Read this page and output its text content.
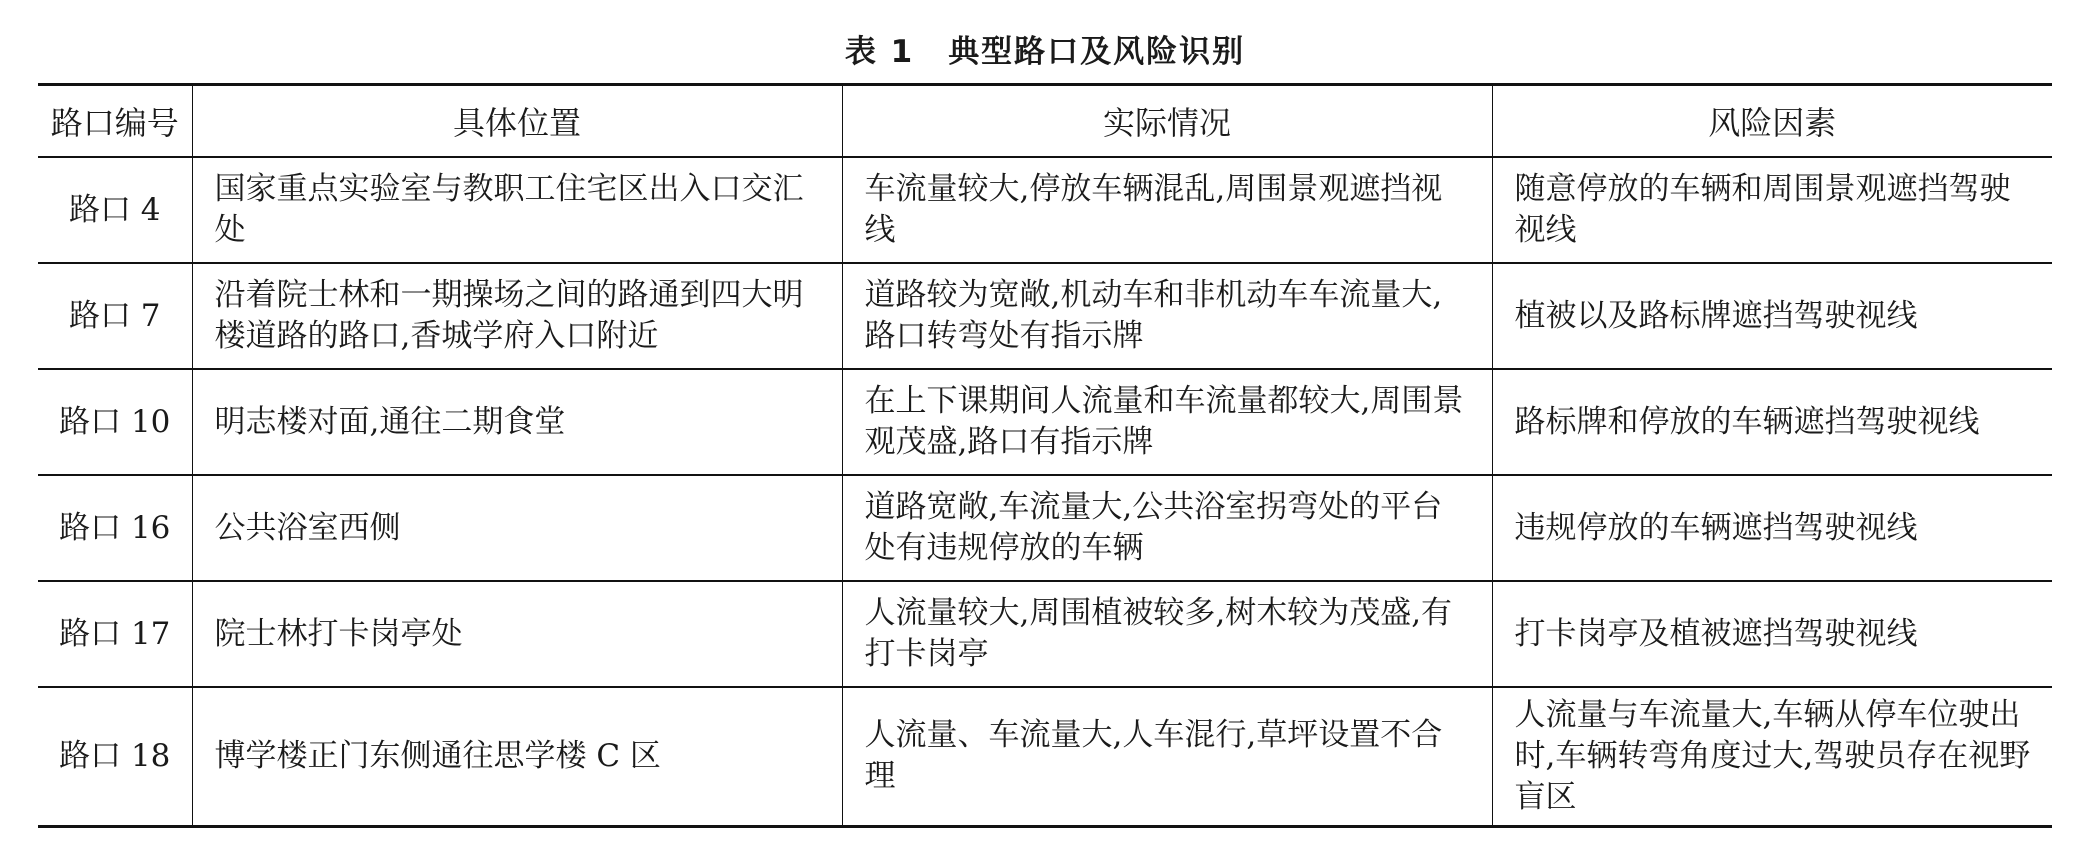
表 1 典型路口及风险识别
路口编号	具体位置	实际情况	风险因素
路口 4	国家重点实验室与教职工住宅区出入口交汇处	车流量较大,停放车辆混乱,周围景观遮挡视线	随意停放的车辆和周围景观遮挡驾驶视线
路口 7	沿着院士林和一期操场之间的路通到四大明楼道路的路口,香城学府入口附近	道路较为宽敞,机动车和非机动车车流量大,路口转弯处有指示牌	植被以及路标牌遮挡驾驶视线
路口 10	明志楼对面,通往二期食堂	在上下课期间人流量和车流量都较大,周围景观茂盛,路口有指示牌	路标牌和停放的车辆遮挡驾驶视线
路口 16	公共浴室西侧	道路宽敞,车流量大,公共浴室拐弯处的平台处有违规停放的车辆	违规停放的车辆遮挡驾驶视线
路口 17	院士林打卡岗亭处	人流量较大,周围植被较多,树木较为茂盛,有打卡岗亭	打卡岗亭及植被遮挡驾驶视线
路口 18	博学楼正门东侧通往思学楼 C 区	人流量、车流量大,人车混行,草坪设置不合理	人流量与车流量大,车辆从停车位驶出时,车辆转弯角度过大,驾驶员存在视野盲区
